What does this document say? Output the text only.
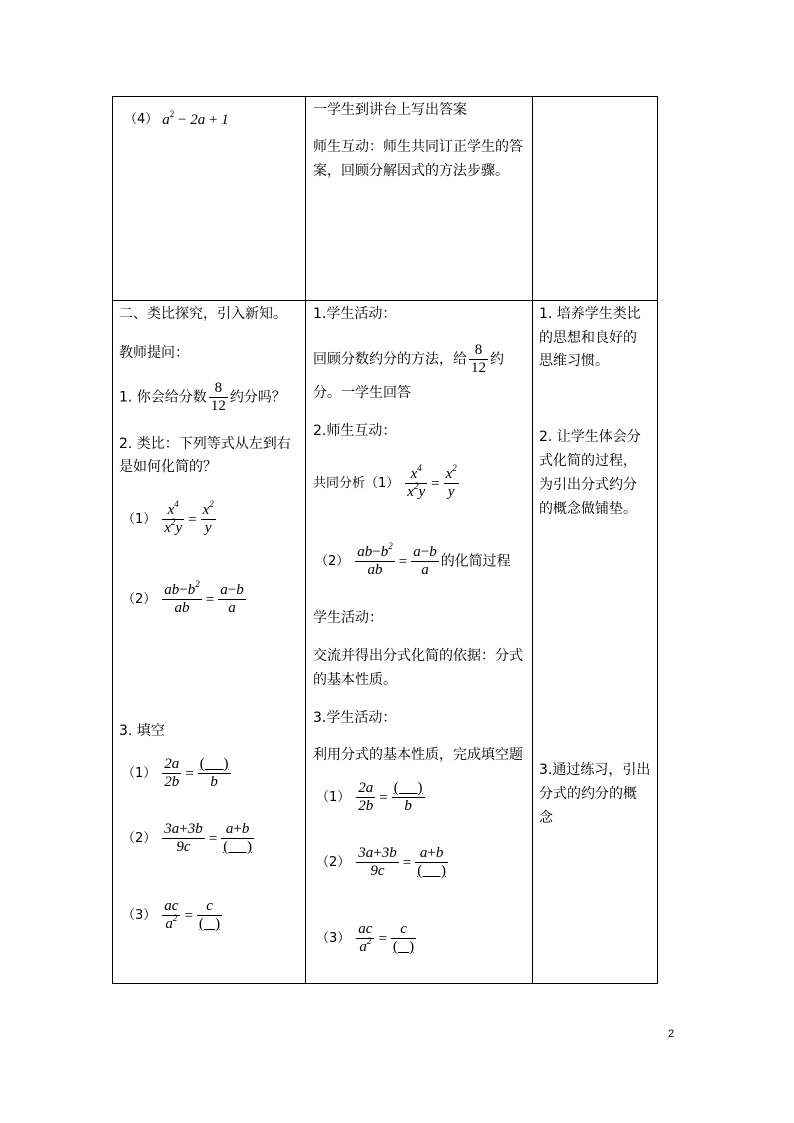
（4） $a^2 - 2a + 1$
一学生到讲台上写出答案
师生互动：师生共同订正学生的答
案，回顾分解因式的方法步骤。
二、类比探究，引入新知。
教师提问：
1. 你会给分数 $\frac{8}{12}$ 约分吗？
2. 类比：下列等式从左到右
是如何化简的？
$(1) \frac{x^4}{x^2y} = \frac{x^2}{y}$
$(2) \frac{ab-b^2}{ab} = \frac{a-b}{a}$
3. 填空
$(1) \frac{2a}{2b} = \frac{( )}{b}$
$(2) \frac{3a+3b}{9c} = \frac{a+b}{( )}$
$(3) \frac{ac}{a^2} = \frac{c}{( )}$
1.学生活动：
回顾分数约分的方法，给 $\frac{8}{12}$ 约
分。一学生回答
2.师生互动：
共同分析$(1) \frac{x^4}{x^2y} = \frac{x^2}{y}$
$(2) \frac{ab-b^2}{ab} = \frac{a-b}{a}$ 的化简过程
学生活动：
交流并得出分式化简的依据：分式
的基本性质。
3.学生活动：
利用分式的基本性质，完成填空题
$(1) \frac{2a}{2b} = \frac{( )}{b}$
$(2) \frac{3a+3b}{9c} = \frac{a+b}{( )}$
$(3) \frac{ac}{a^2} = \frac{c}{( )}$
1. 培养学生类比
的思想和良好的
思维习惯。
2. 让学生体会分
式化简的过程，
为引出分式约分
的概念做铺垫。
3.通过练习，引出
分式的约分的概
念
2
